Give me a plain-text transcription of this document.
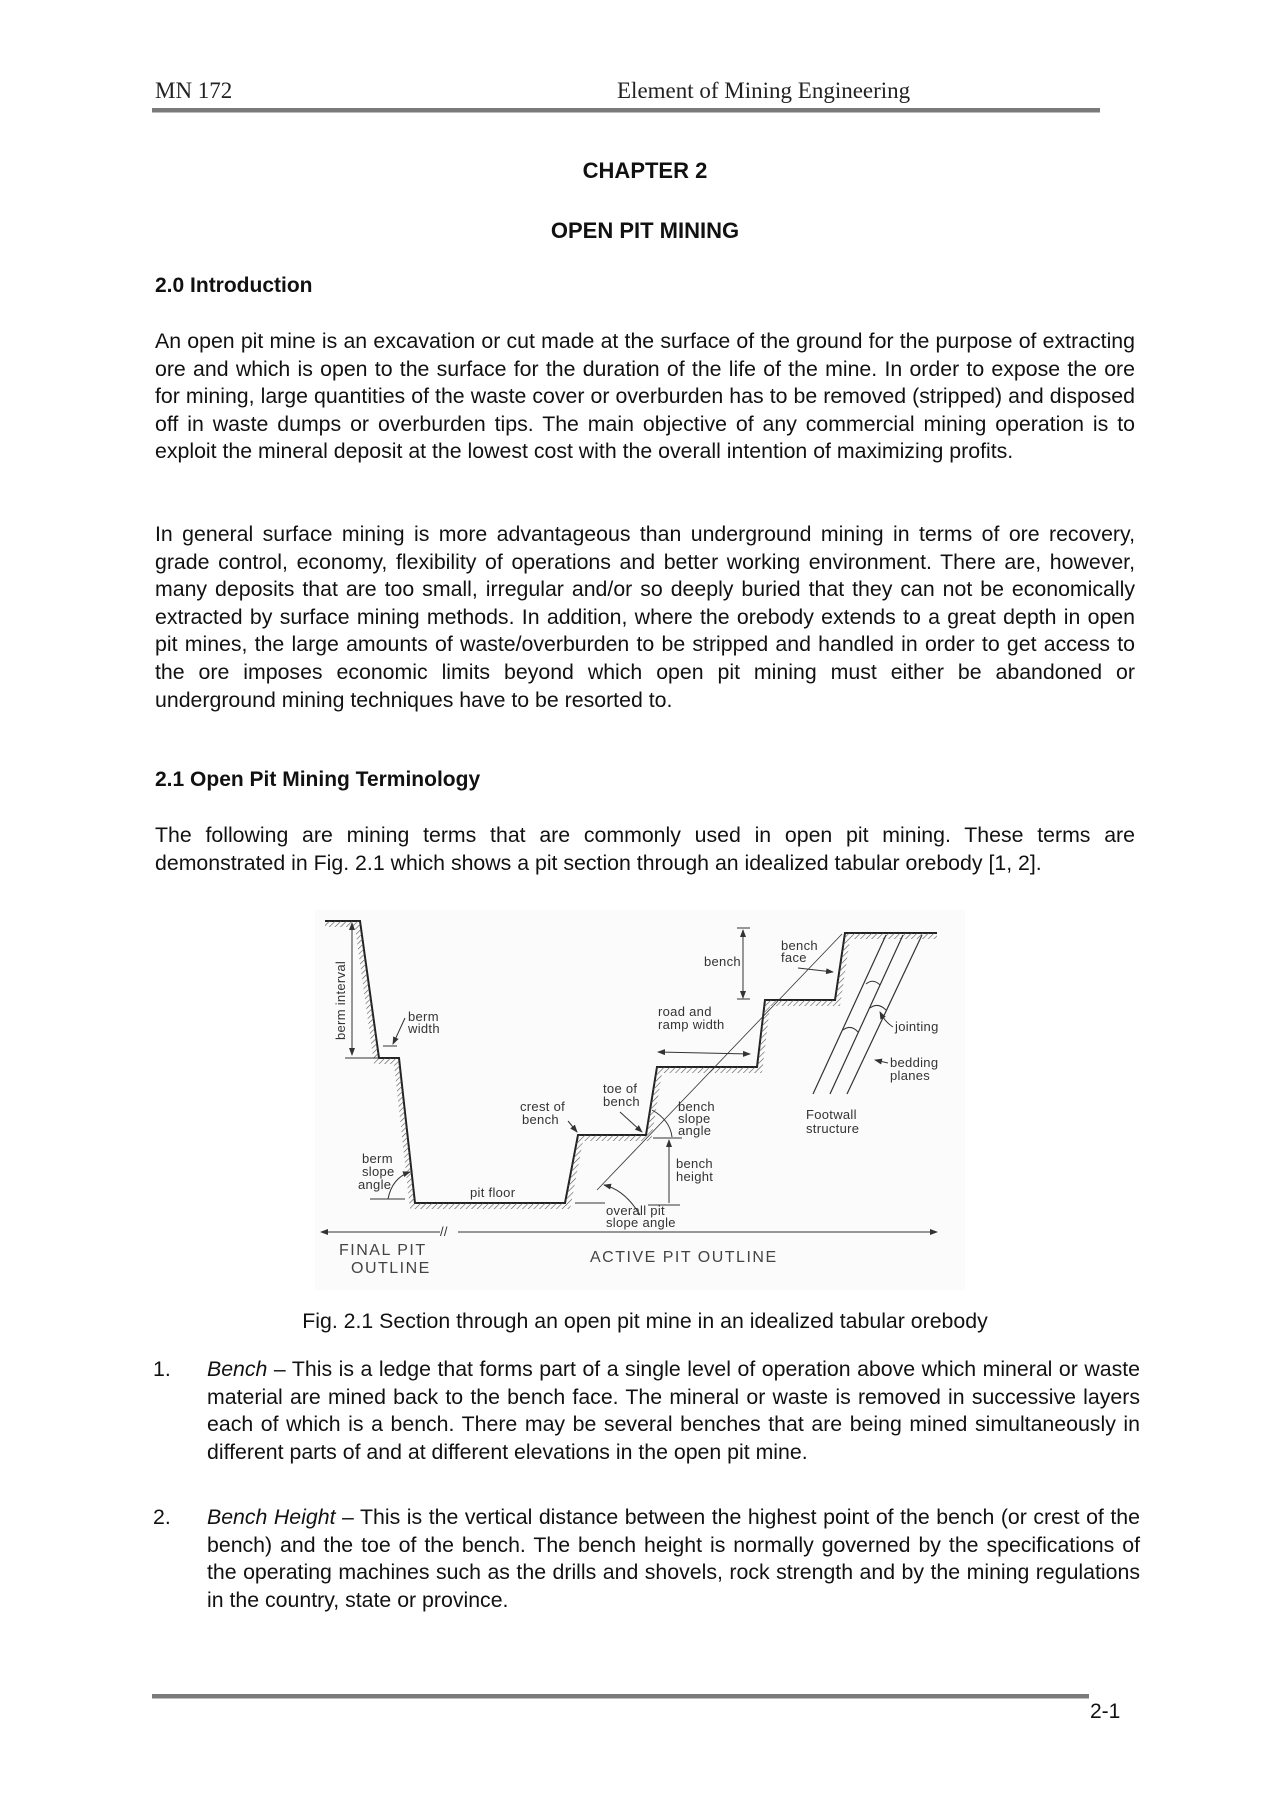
MN 172	Element of Mining Engineering
CHAPTER 2
OPEN PIT MINING
2.0 Introduction
An open pit mine is an excavation or cut made at the surface of the ground for the purpose of extracting ore and which is open to the surface for the duration of the life of the mine. In order to expose the ore for mining, large quantities of the waste cover or overburden has to be removed (stripped) and disposed off in waste dumps or overburden tips. The main objective of any commercial mining operation is to exploit the mineral deposit at the lowest cost with the overall intention of maximizing profits.
In general surface mining is more advantageous than underground mining in terms of ore recovery, grade control, economy, flexibility of operations and better working environment. There are, however, many deposits that are too small, irregular and/or so deeply buried that they can not be economically extracted by surface mining methods. In addition, where the orebody extends to a great depth in open pit mines, the large amounts of waste/overburden to be stripped and handled in order to get access to the ore imposes economic limits beyond which open pit mining must either be abandoned or underground mining techniques have to be resorted to.
2.1 Open Pit Mining Terminology
The following are mining terms that are commonly used in open pit mining. These terms are demonstrated in Fig. 2.1 which shows a pit section through an idealized tabular orebody [1, 2].
berm interval	berm
width
berm
slope
angle
pit floor
crest of
bench
toe of
bench
bench
bench
face
road and
ramp width
bench
slope
angle
bench
height
overall pit
slope angle
jointing
bedding
planes
Footwall
structure
//
FINAL PIT
OUTLINE
ACTIVE PIT OUTLINE
Fig. 2.1 Section through an open pit mine in an idealized tabular orebody
1. Bench – This is a ledge that forms part of a single level of operation above which mineral or waste material are mined back to the bench face. The mineral or waste is removed in successive layers each of which is a bench. There may be several benches that are being mined simultaneously in different parts of and at different elevations in the open pit mine.
2. Bench Height – This is the vertical distance between the highest point of the bench (or crest of the bench) and the toe of the bench. The bench height is normally governed by the specifications of the operating machines such as the drills and shovels, rock strength and by the mining regulations in the country, state or province.
2-1
